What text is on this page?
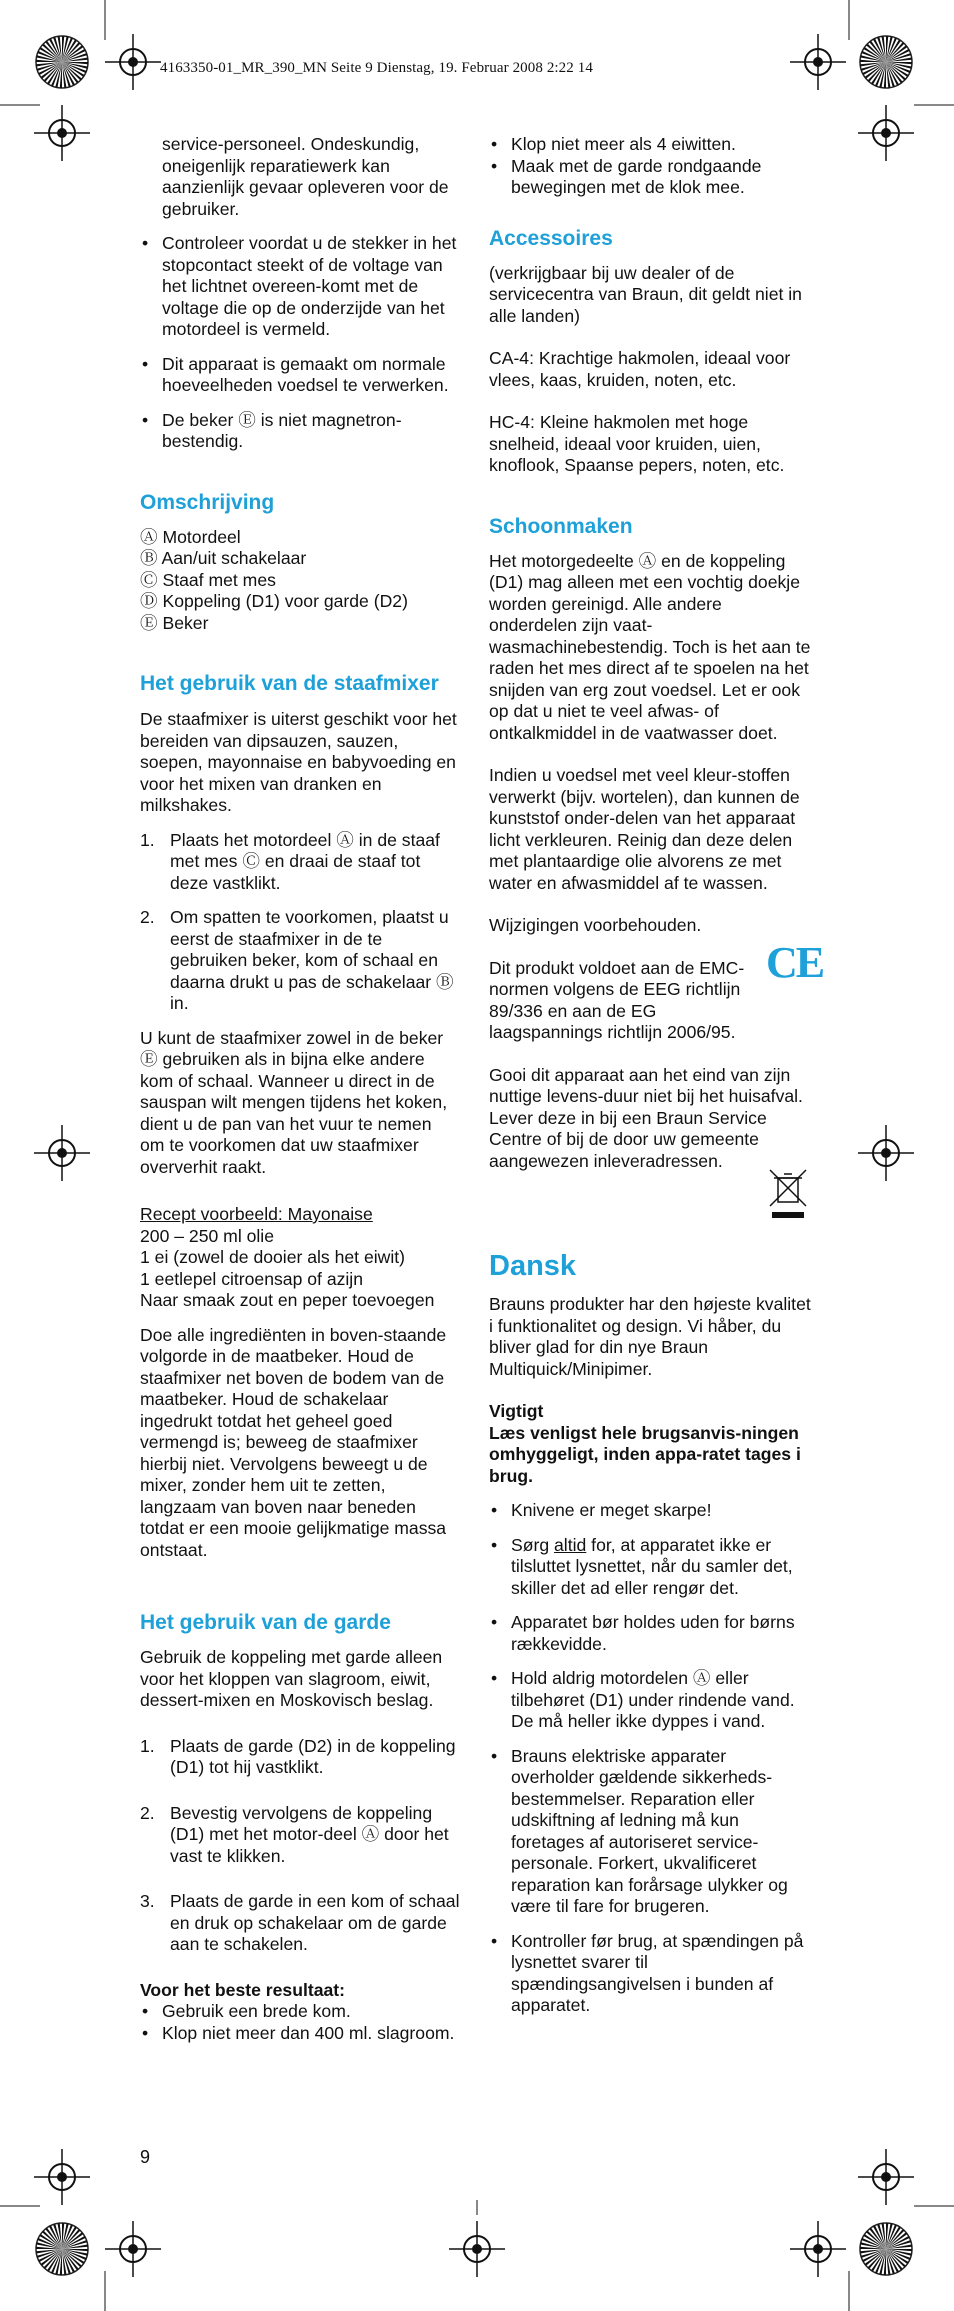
4163350-01_MR_390_MN Seite 9 Dienstag, 19. Februar 2008 2:22 14

service-personeel. Ondeskundig, oneigenlijk reparatiewerk kan aanzienlijk gevaar opleveren voor de gebruiker.

• Controleer voordat u de stekker in het stopcontact steekt of de voltage van het lichtnet overeen-komt met de voltage die op de onderzijde van het motordeel is vermeld.
• Dit apparaat is gemaakt om normale hoeveelheden voedsel te verwerken.
• De beker Ⓔ is niet magnetron-bestendig.
Omschrijving

Ⓐ Motordeel

Ⓑ Aan/uit schakelaar

Ⓒ Staaf met mes

Ⓓ Koppeling (D1) voor garde (D2)

Ⓔ Beker

Het gebruik van de staafmixer

De staafmixer is uiterst geschikt voor het bereiden van dipsauzen, sauzen, soepen, mayonnaise en babyvoeding en voor het mixen van dranken en milkshakes.

1. Plaats het motordeel Ⓐ in de staaf met mes Ⓒ en draai de staaf tot deze vastklikt.
2. Om spatten te voorkomen, plaatst u eerst de staafmixer in de te gebruiken beker, kom of schaal en daarna drukt u pas de schakelaar Ⓑ in.

U kunt de staafmixer zowel in de beker Ⓔ gebruiken als in bijna elke andere kom of schaal. Wanneer u direct in de sauspan wilt mengen tijdens het koken, dient u de pan van het vuur te nemen om te voorkomen dat uw staafmixer oververhit raakt.

Recept voorbeeld: Mayonaise

200 – 250 ml olie

1 ei (zowel de dooier als het eiwit)

1 eetlepel citroensap of azijn

Naar smaak zout en peper toevoegen

Doe alle ingrediënten in boven-staande volgorde in de maatbeker. Houd de staafmixer net boven de bodem van de maatbeker. Houd de schakelaar ingedrukt totdat het geheel goed vermengd is; beweeg de staafmixer hierbij niet. Vervolgens beweegt u de mixer, zonder hem uit te zetten, langzaam van boven naar beneden totdat er een mooie gelijkmatige massa ontstaat.

Het gebruik van de garde

Gebruik de koppeling met garde alleen voor het kloppen van slagroom, eiwit, dessert-mixen en Moskovisch beslag.

1. Plaats de garde (D2) in de koppeling (D1) tot hij vastklikt.
2. Bevestig vervolgens de koppeling (D1) met het motor-deel Ⓐ door het vast te klikken.
3. Plaats de garde in een kom of schaal en druk op schakelaar om de garde aan te schakelen.

Voor het beste resultaat:

• Gebruik een brede kom.
• Klop niet meer dan 400 ml. slagroom.
9
• Klop niet meer als 4 eiwitten.
• Maak met de garde rondgaande bewegingen met de klok mee.
Accessoires

(verkrijgbaar bij uw dealer of de servicecentra van Braun, dit geldt niet in alle landen)

CA-4: Krachtige hakmolen, ideaal voor vlees, kaas, kruiden, noten, etc.

HC-4: Kleine hakmolen met hoge snelheid, ideaal voor kruiden, uien, knoflook, Spaanse pepers, noten, etc.

Schoonmaken

Het motorgedeelte Ⓐ en de koppeling (D1) mag alleen met een vochtig doekje worden gereinigd. Alle andere onderdelen zijn vaat-wasmachinebestendig. Toch is het aan te raden het mes direct af te spoelen na het snijden van erg zout voedsel. Let er ook op dat u niet te veel afwas- of ontkalkmiddel in de vaatwasser doet.

Indien u voedsel met veel kleur-stoffen verwerkt (bijv. wortelen), dan kunnen de kunststof onder-delen van het apparaat licht verkleuren. Reinig dan deze delen met plantaardige olie alvorens ze met water en afwasmiddel af te wassen.

Wijzigingen voorbehouden.

Dit produkt voldoet aan de EMC-normen volgens de EEG richtlijn 89/336 en aan de EG laagspannings richtlijn 2006/95.

CE

Gooi dit apparaat aan het eind van zijn nuttige levens-duur niet bij het huisafval. Lever deze in bij een Braun Service Centre of bij de door uw gemeente aangewezen inleveradressen.

Dansk

Brauns produkter har den højeste kvalitet i funktionalitet og design. Vi håber, du bliver glad for din nye Braun Multiquick/Minipimer.

Vigtigt

Læs venligst hele brugsanvis-ningen omhyggeligt, inden appa-ratet tages i brug.

• Knivene er meget skarpe!
• Sørg altid for, at apparatet ikke er tilsluttet lysnettet, når du samler det, skiller det ad eller rengør det.
• Apparatet bør holdes uden for børns rækkevidde.
• Hold aldrig motordelen Ⓐ eller tilbehøret (D1) under rindende vand. De må heller ikke dyppes i vand.
• Brauns elektriske apparater overholder gældende sikkerheds-bestemmelser. Reparation eller udskiftning af ledning må kun foretages af autoriseret service-personale. Forkert, ukvalificeret reparation kan forårsage ulykker og være til fare for brugeren.
• Kontroller før brug, at spændingen på lysnettet svarer til spændingsangivelsen i bunden af apparatet.
